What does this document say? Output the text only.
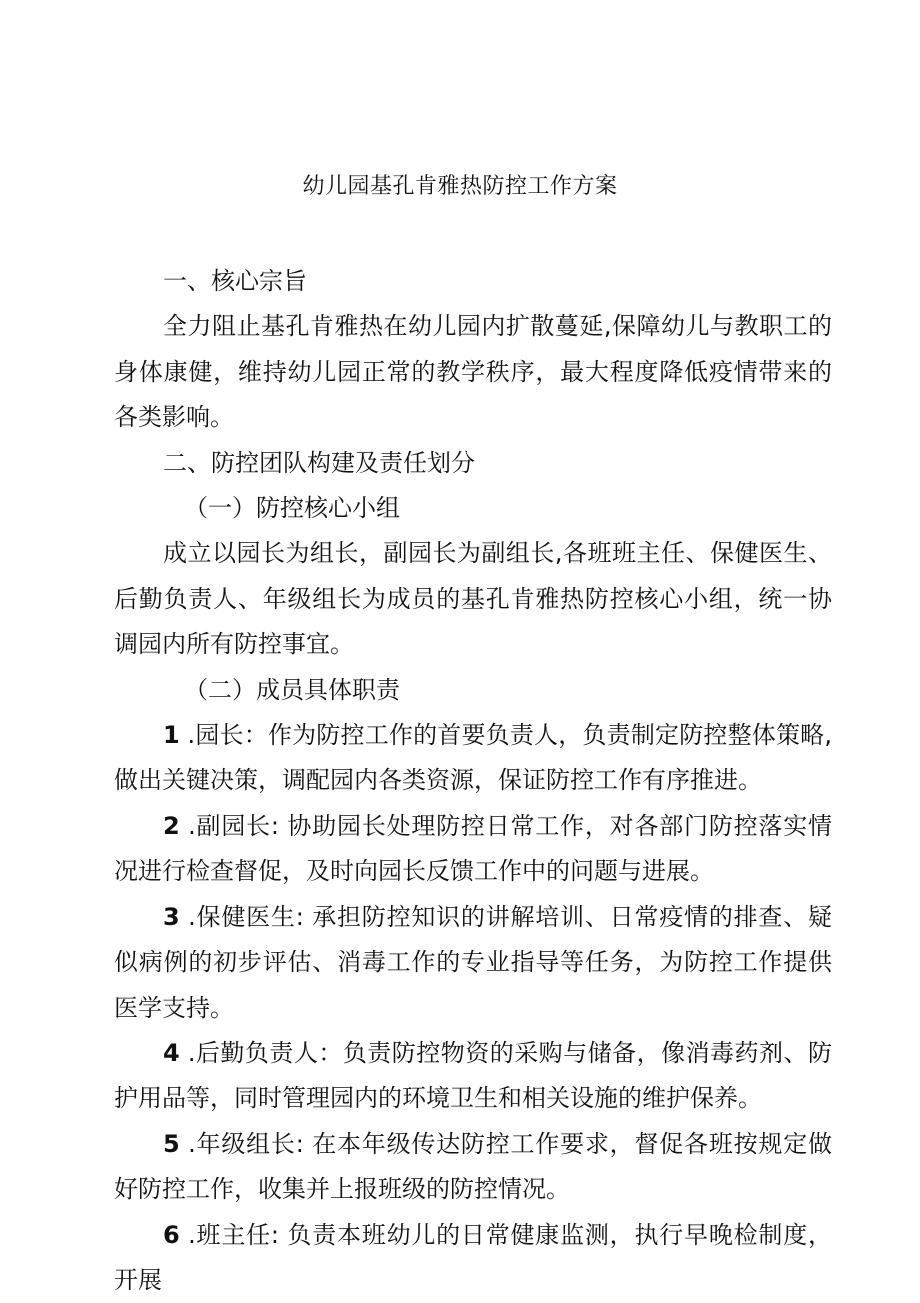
幼儿园基孔肯雅热防控工作方案

一、核心宗旨

全力阻止基孔肯雅热在幼儿园内扩散蔓延,保障幼儿与教职工的身体康健，维持幼儿园正常的教学秩序，最大程度降低疫情带来的各类影响。

二、防控团队构建及责任划分

（一）防控核心小组

成立以园长为组长，副园长为副组长,各班班主任、保健医生、后勤负责人、年级组长为成员的基孔肯雅热防控核心小组，统一协调园内所有防控事宜。

（二）成员具体职责

1 .园长：作为防控工作的首要负责人，负责制定防控整体策略,做出关键决策，调配园内各类资源，保证防控工作有序推进。

2 .副园长: 协助园长处理防控日常工作，对各部门防控落实情况进行检查督促，及时向园长反馈工作中的问题与进展。

3 .保健医生: 承担防控知识的讲解培训、日常疫情的排查、疑似病例的初步评估、消毒工作的专业指导等任务，为防控工作提供医学支持。

4 .后勤负责人：负责防控物资的采购与储备，像消毒药剂、防护用品等，同时管理园内的环境卫生和相关设施的维护保养。

5 .年级组长: 在本年级传达防控工作要求，督促各班按规定做好防控工作，收集并上报班级的防控情况。

6 .班主任: 负责本班幼儿的日常健康监测，执行早晚检制度，开展
